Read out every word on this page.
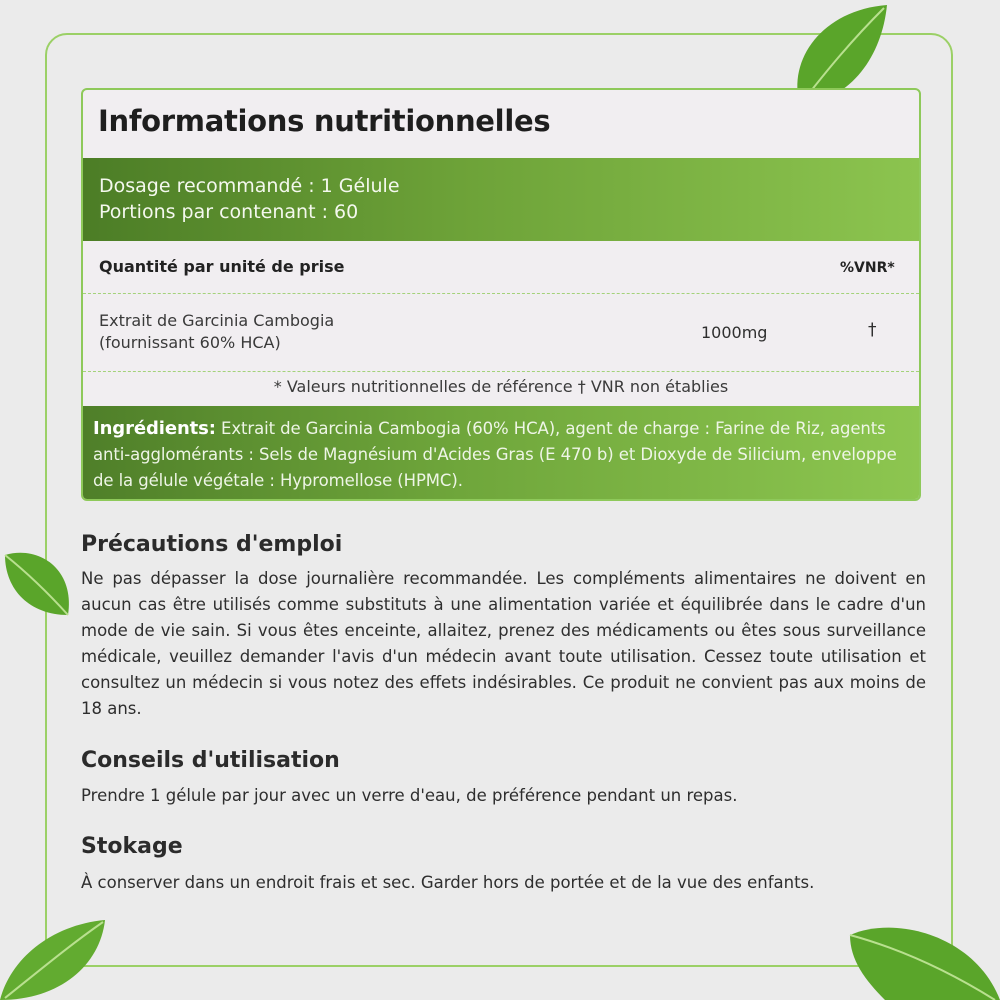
Informations nutritionnelles
Dosage recommandé : 1 Gélule
Portions par contenant : 60
Quantité par unité de prise	%VNR*
Extrait de Garcinia Cambogia
(fournissant 60% HCA)
1000mg	†
* Valeurs nutritionnelles de référence † VNR non établies
Ingrédients: Extrait de Garcinia Cambogia (60% HCA), agent de charge : Farine de Riz, agents anti-agglomérants : Sels de Magnésium d'Acides Gras (E 470 b) et Dioxyde de Silicium, enveloppe de la gélule végétale : Hypromellose (HPMC).
Précautions d'emploi
Ne pas dépasser la dose journalière recommandée. Les compléments alimentaires ne doivent en aucun cas être utilisés comme substituts à une alimentation variée et équilibrée dans le cadre d'un mode de vie sain. Si vous êtes enceinte, allaitez, prenez des médicaments ou êtes sous surveillance médicale, veuillez demander l'avis d'un médecin avant toute utilisation. Cessez toute utilisation et consultez un médecin si vous notez des effets indésirables. Ce produit ne convient pas aux moins de 18 ans.
Conseils d'utilisation
Prendre 1 gélule par jour avec un verre d'eau, de préférence pendant un repas.
Stokage
À conserver dans un endroit frais et sec. Garder hors de portée et de la vue des enfants.
